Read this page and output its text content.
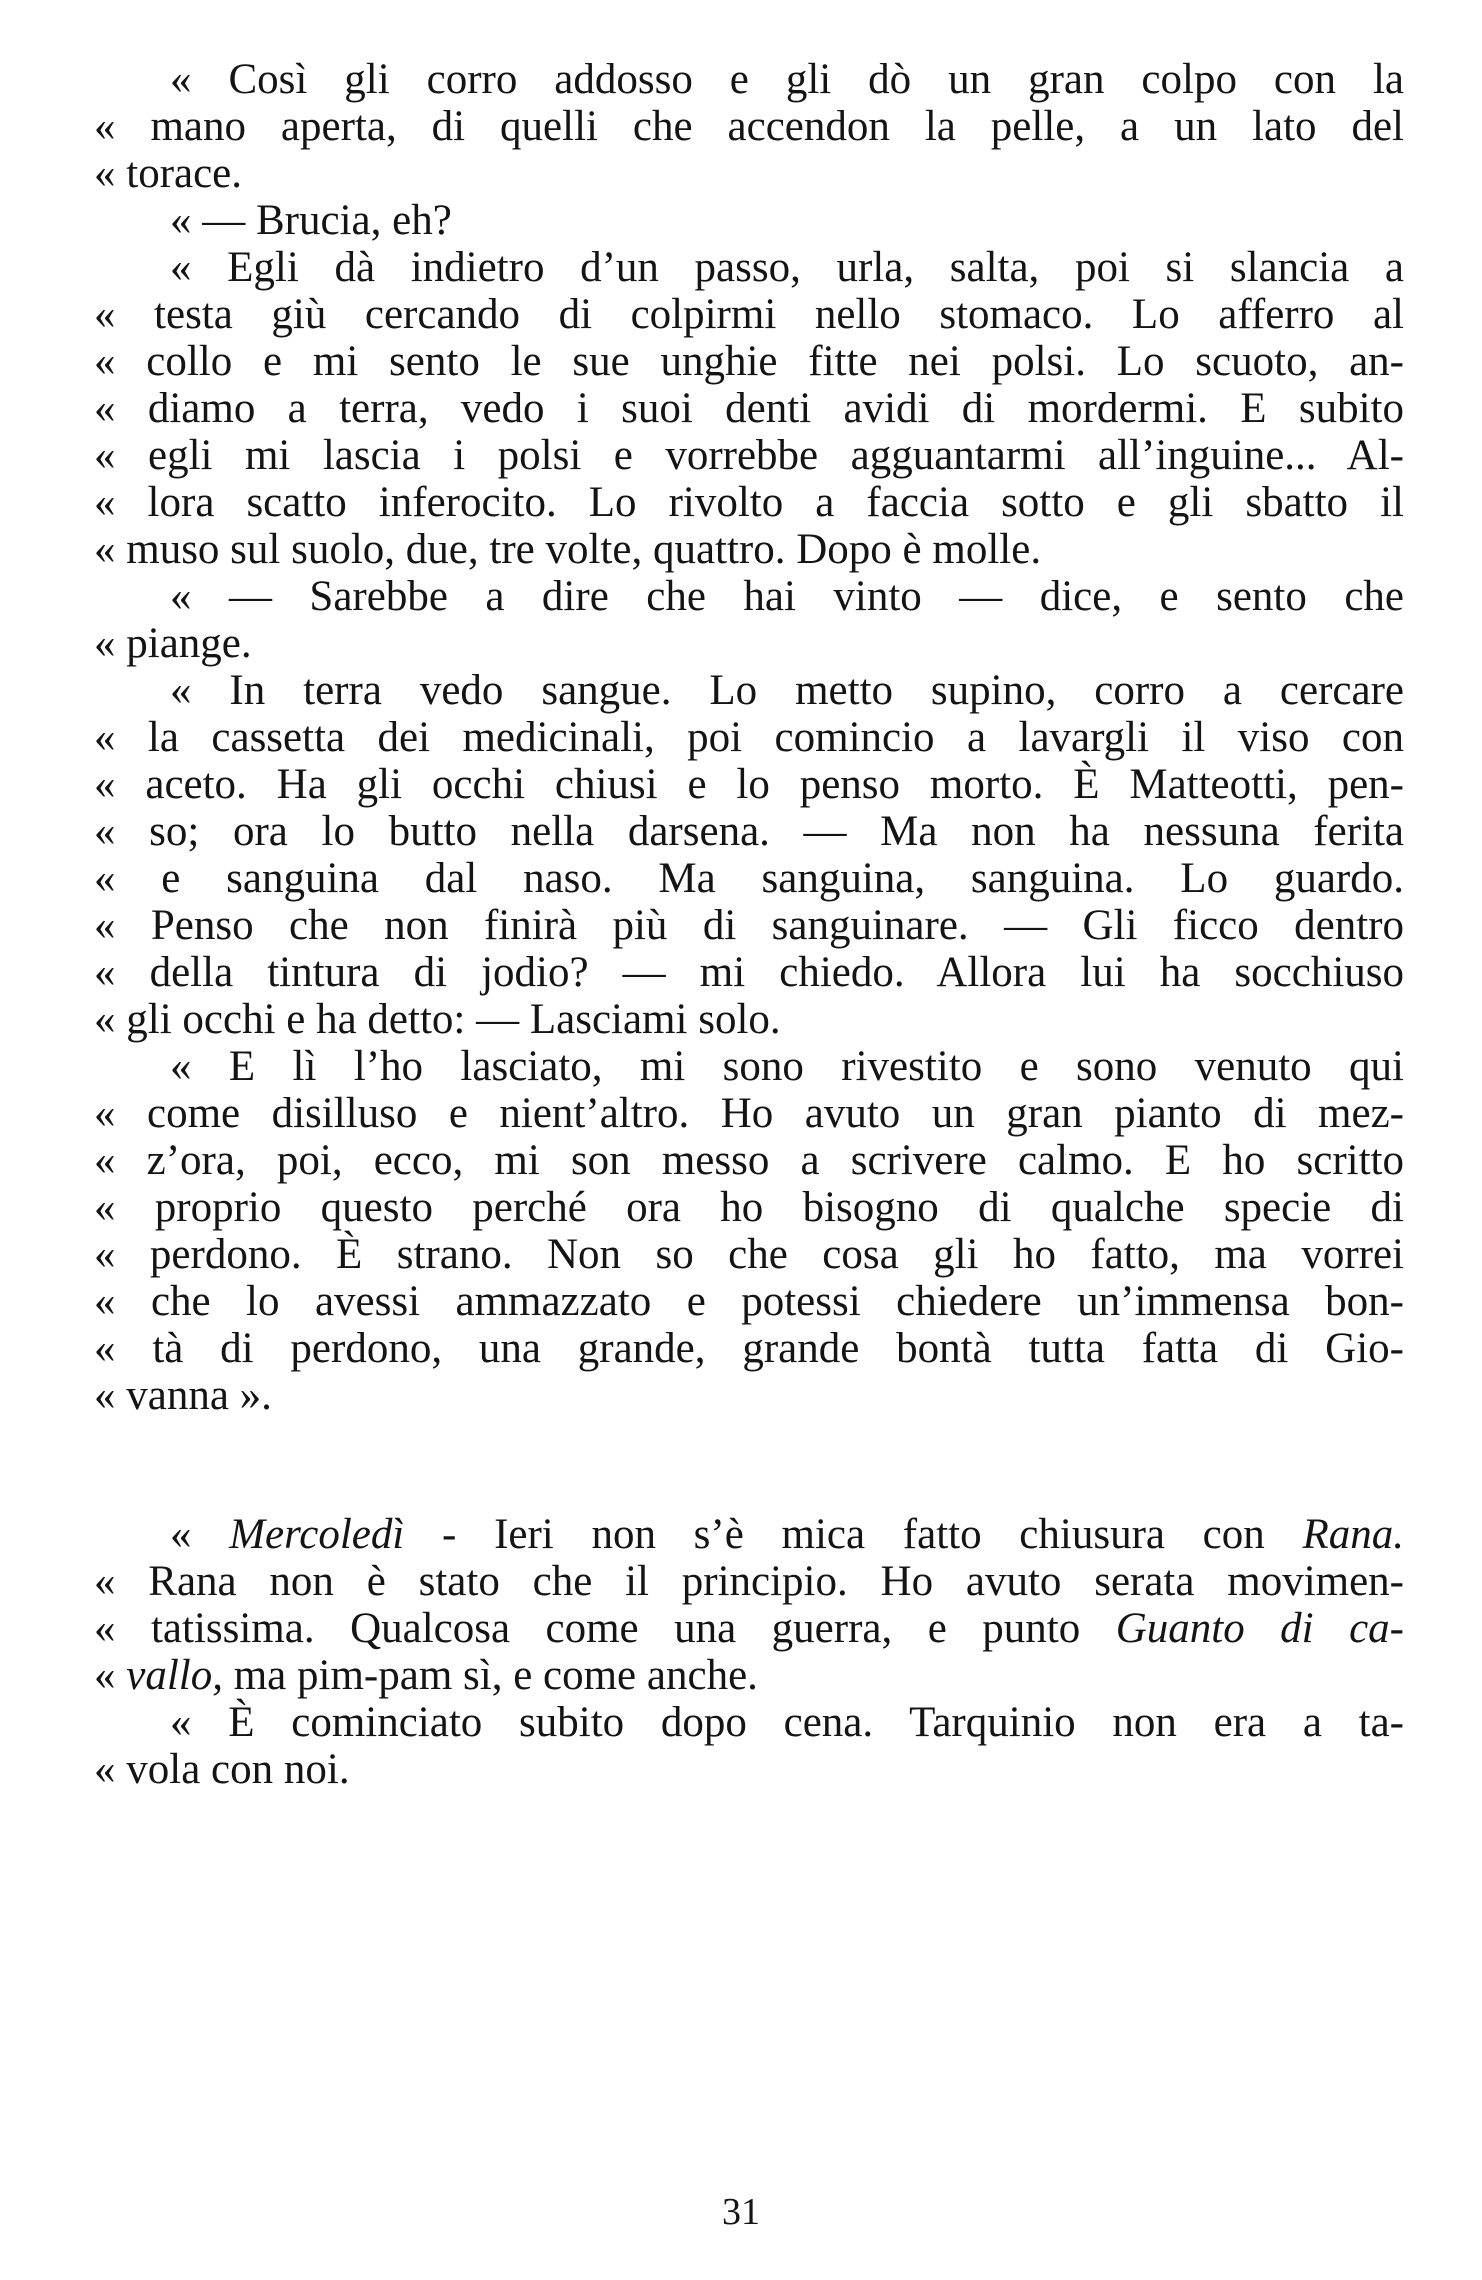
« Così gli corro addosso e gli dò un gran colpo con la
« mano aperta, di quelli che accendon la pelle, a un lato del
« torace.
« — Brucia, eh?
« Egli dà indietro d’un passo, urla, salta, poi si slancia a
« testa giù cercando di colpirmi nello stomaco. Lo afferro al
« collo e mi sento le sue unghie fitte nei polsi. Lo scuoto, an-
« diamo a terra, vedo i suoi denti avidi di mordermi. E subito
« egli mi lascia i polsi e vorrebbe agguantarmi all’inguine... Al-
« lora scatto inferocito. Lo rivolto a faccia sotto e gli sbatto il
« muso sul suolo, due, tre volte, quattro. Dopo è molle.
« — Sarebbe a dire che hai vinto — dice, e sento che
« piange.
« In terra vedo sangue. Lo metto supino, corro a cercare
« la cassetta dei medicinali, poi comincio a lavargli il viso con
« aceto. Ha gli occhi chiusi e lo penso morto. È Matteotti, pen-
« so; ora lo butto nella darsena. — Ma non ha nessuna ferita
« e sanguina dal naso. Ma sanguina, sanguina. Lo guardo.
« Penso che non finirà più di sanguinare. — Gli ficco dentro
« della tintura di jodio? — mi chiedo. Allora lui ha socchiuso
« gli occhi e ha detto: — Lasciami solo.
« E lì l’ho lasciato, mi sono rivestito e sono venuto qui
« come disilluso e nient’altro. Ho avuto un gran pianto di mez-
« z’ora, poi, ecco, mi son messo a scrivere calmo. E ho scritto
« proprio questo perché ora ho bisogno di qualche specie di
« perdono. È strano. Non so che cosa gli ho fatto, ma vorrei
« che lo avessi ammazzato e potessi chiedere un’immensa bon-
« tà di perdono, una grande, grande bontà tutta fatta di Gio-
« vanna ».
« Mercoledì - Ieri non s’è mica fatto chiusura con Rana.
« Rana non è stato che il principio. Ho avuto serata movimen-
« tatissima. Qualcosa come una guerra, e punto Guanto di ca-
« vallo, ma pim-pam sì, e come anche.
« È cominciato subito dopo cena. Tarquinio non era a ta-
« vola con noi.
31
